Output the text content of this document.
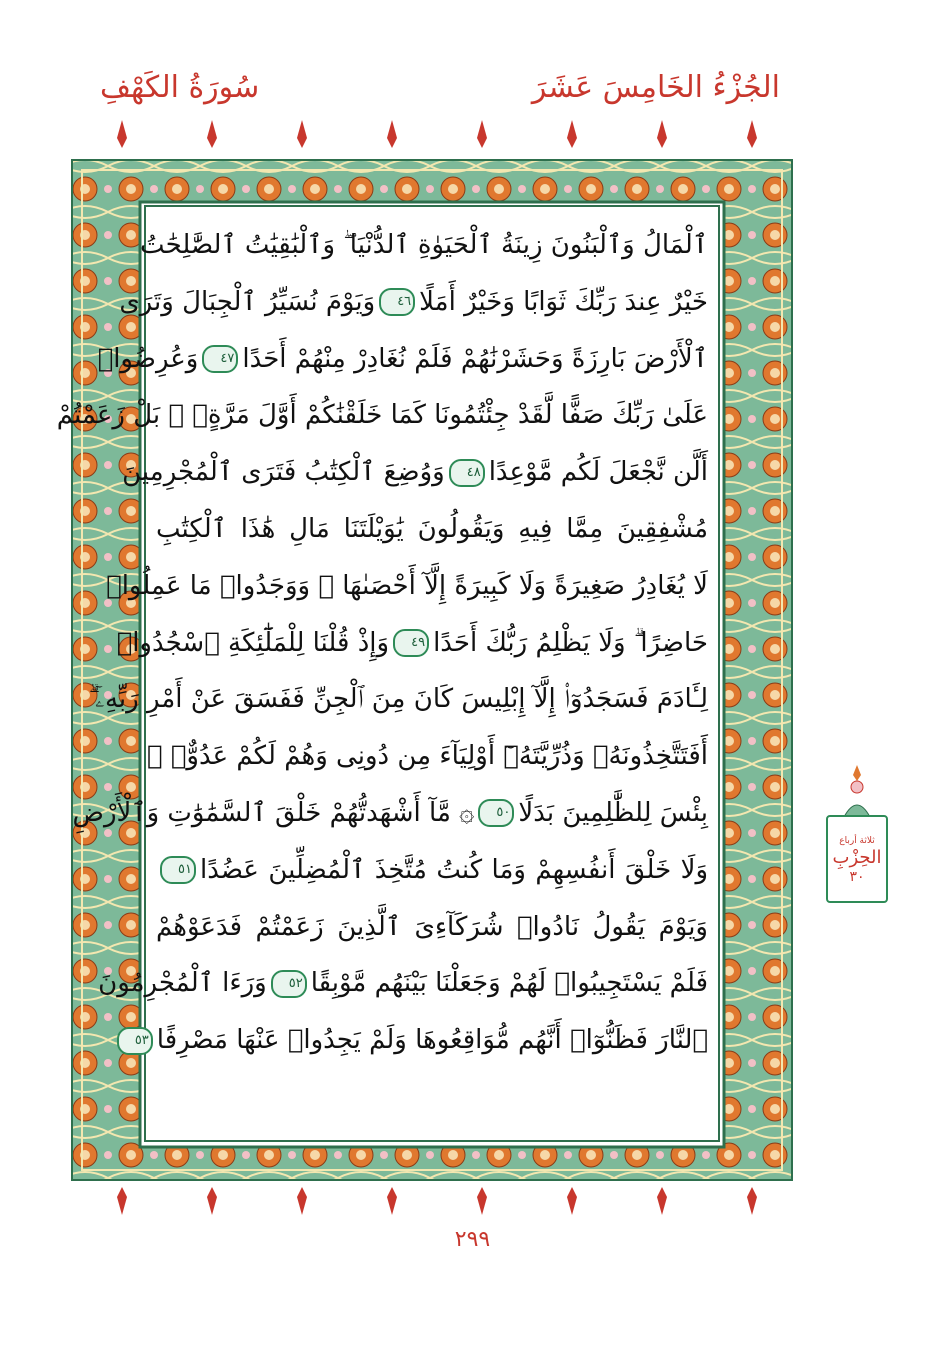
الجُزْءُ الخَامِسَ عَشَرَ
سُورَةُ الكَهْفِ
ٱلْمَالُ وَٱلْبَنُونَ زِينَةُ ٱلْحَيَوٰةِ ٱلدُّنْيَا ۖ وَٱلْبَٰقِيَٰتُ ٱلصَّٰلِحَٰتُ
خَيْرٌ عِندَ رَبِّكَ ثَوَابًا وَخَيْرٌ أَمَلًا٤٦وَيَوْمَ نُسَيِّرُ ٱلْجِبَالَ وَتَرَى
ٱلْأَرْضَ بَارِزَةً وَحَشَرْنَٰهُمْ فَلَمْ نُغَادِرْ مِنْهُمْ أَحَدًا٤٧وَعُرِضُوا۟
عَلَىٰ رَبِّكَ صَفًّا لَّقَدْ جِئْتُمُونَا كَمَا خَلَقْنَٰكُمْ أَوَّلَ مَرَّةٍۭ ۚ بَلْ زَعَمْتُمْ
أَلَّن نَّجْعَلَ لَكُم مَّوْعِدًا٤٨وَوُضِعَ ٱلْكِتَٰبُ فَتَرَى ٱلْمُجْرِمِينَ
مُشْفِقِينَ مِمَّا فِيهِ وَيَقُولُونَ يَٰوَيْلَتَنَا مَالِ هَٰذَا ٱلْكِتَٰبِ
لَا يُغَادِرُ صَغِيرَةً وَلَا كَبِيرَةً إِلَّآ أَحْصَىٰهَا ۚ وَوَجَدُوا۟ مَا عَمِلُوا۟
حَاضِرًا ۗ وَلَا يَظْلِمُ رَبُّكَ أَحَدًا٤٩وَإِذْ قُلْنَا لِلْمَلَٰٓئِكَةِ ٱسْجُدُوا۟
لِـَٔادَمَ فَسَجَدُوٓا۟ إِلَّآ إِبْلِيسَ كَانَ مِنَ ٱلْجِنِّ فَفَسَقَ عَنْ أَمْرِ رَبِّهِۦٓ ۗ
أَفَتَتَّخِذُونَهُۥ وَذُرِّيَّتَهُۥٓ أَوْلِيَآءَ مِن دُونِى وَهُمْ لَكُمْ عَدُوٌّۢ ۚ
بِئْسَ لِلظَّٰلِمِينَ بَدَلًا٥٠۞ مَّآ أَشْهَدتُّهُمْ خَلْقَ ٱلسَّمَٰوَٰتِ وَٱلْأَرْضِ
وَلَا خَلْقَ أَنفُسِهِمْ وَمَا كُنتُ مُتَّخِذَ ٱلْمُضِلِّينَ عَضُدًا٥١
وَيَوْمَ يَقُولُ نَادُوا۟ شُرَكَآءِىَ ٱلَّذِينَ زَعَمْتُمْ فَدَعَوْهُمْ
فَلَمْ يَسْتَجِيبُوا۟ لَهُمْ وَجَعَلْنَا بَيْنَهُم مَّوْبِقًا٥٢وَرَءَا ٱلْمُجْرِمُونَ
ٱلنَّارَ فَظَنُّوٓا۟ أَنَّهُم مُّوَاقِعُوهَا وَلَمْ يَجِدُوا۟ عَنْهَا مَصْرِفًا٥٣
ثلاثة أرباع
الحِزْبِ
٣٠
٢٩٩
